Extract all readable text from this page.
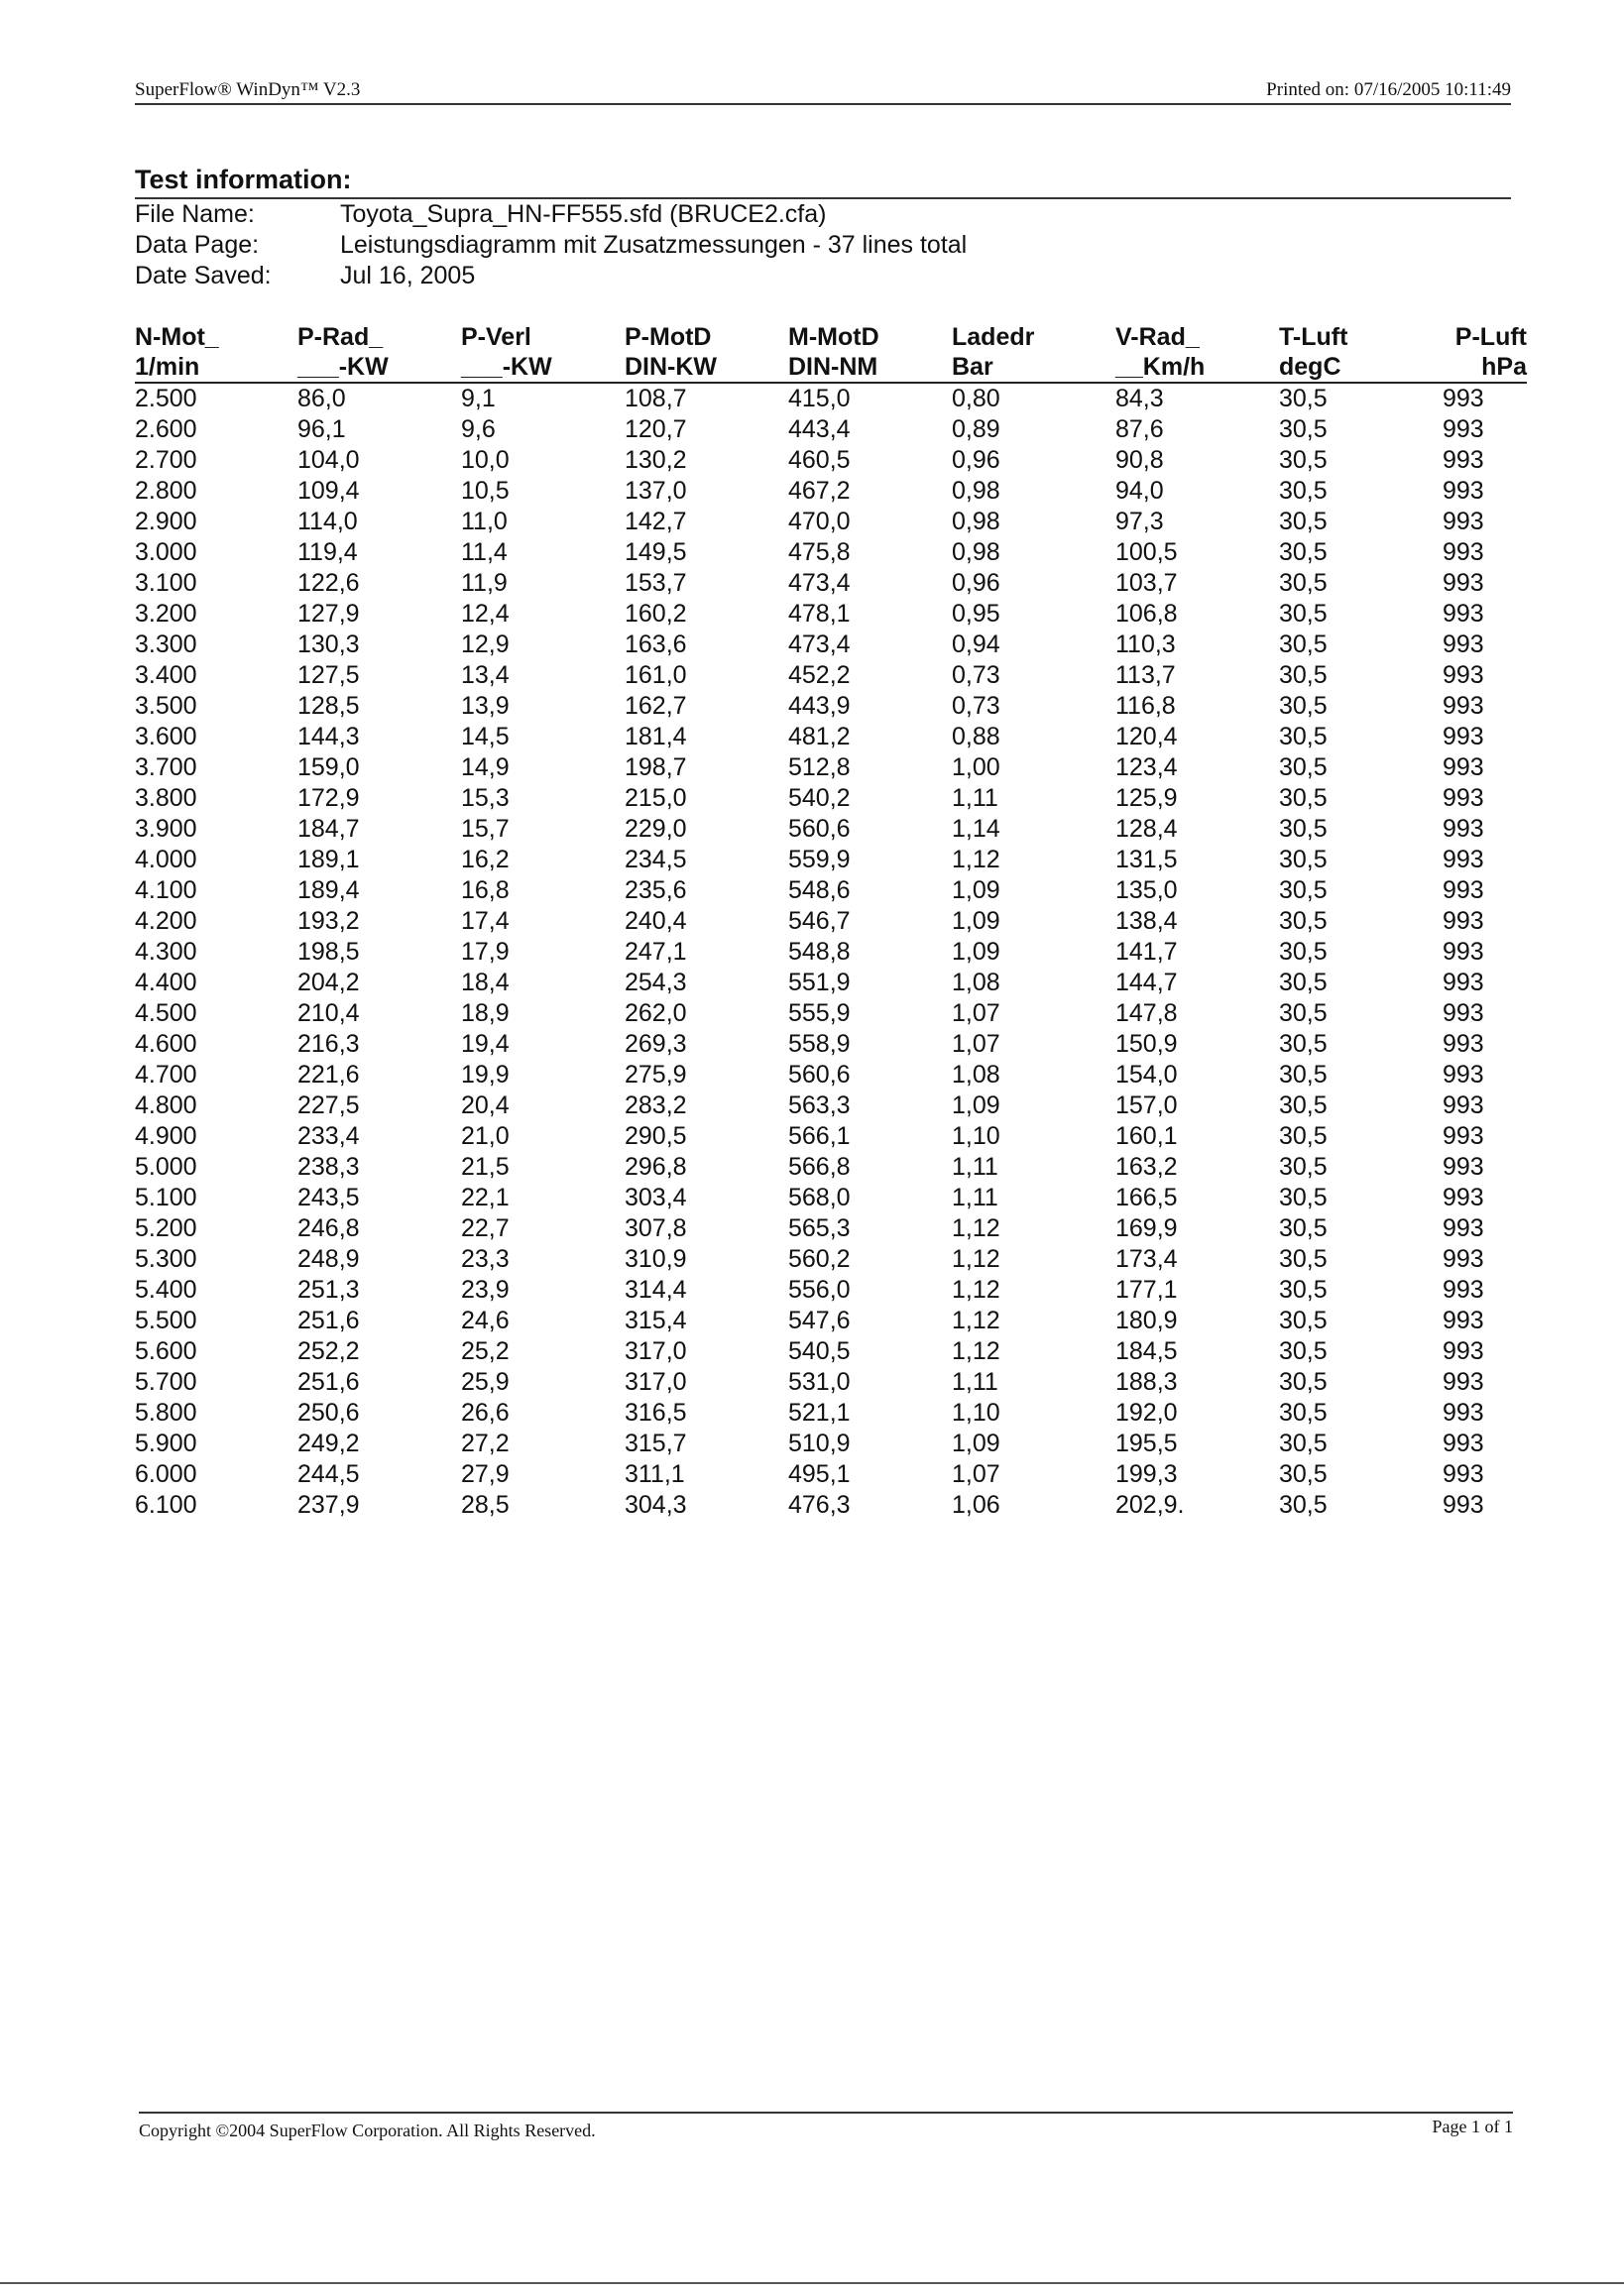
SuperFlow® WinDyn™ V2.3	Printed on: 07/16/2005 10:11:49
Test information:
File Name:	Toyota_Supra_HN-FF555.sfd (BRUCE2.cfa)
Data Page:	Leistungsdiagramm mit Zusatzmessungen - 37 lines total
Date Saved:	Jul 16, 2005
N-Mot_	P-Rad_	P-Verl	P-MotD	M-MotD	Ladedr	V-Rad_	T-Luft	P-Luft
1/min	___-KW	___-KW	DIN-KW	DIN-NM	Bar	__Km/h	degC	hPa
2.500	86,0	9,1	108,7	415,0	0,80	84,3	30,5	993
2.600	96,1	9,6	120,7	443,4	0,89	87,6	30,5	993
2.700	104,0	10,0	130,2	460,5	0,96	90,8	30,5	993
2.800	109,4	10,5	137,0	467,2	0,98	94,0	30,5	993
2.900	114,0	11,0	142,7	470,0	0,98	97,3	30,5	993
3.000	119,4	11,4	149,5	475,8	0,98	100,5	30,5	993
3.100	122,6	11,9	153,7	473,4	0,96	103,7	30,5	993
3.200	127,9	12,4	160,2	478,1	0,95	106,8	30,5	993
3.300	130,3	12,9	163,6	473,4	0,94	110,3	30,5	993
3.400	127,5	13,4	161,0	452,2	0,73	113,7	30,5	993
3.500	128,5	13,9	162,7	443,9	0,73	116,8	30,5	993
3.600	144,3	14,5	181,4	481,2	0,88	120,4	30,5	993
3.700	159,0	14,9	198,7	512,8	1,00	123,4	30,5	993
3.800	172,9	15,3	215,0	540,2	1,11	125,9	30,5	993
3.900	184,7	15,7	229,0	560,6	1,14	128,4	30,5	993
4.000	189,1	16,2	234,5	559,9	1,12	131,5	30,5	993
4.100	189,4	16,8	235,6	548,6	1,09	135,0	30,5	993
4.200	193,2	17,4	240,4	546,7	1,09	138,4	30,5	993
4.300	198,5	17,9	247,1	548,8	1,09	141,7	30,5	993
4.400	204,2	18,4	254,3	551,9	1,08	144,7	30,5	993
4.500	210,4	18,9	262,0	555,9	1,07	147,8	30,5	993
4.600	216,3	19,4	269,3	558,9	1,07	150,9	30,5	993
4.700	221,6	19,9	275,9	560,6	1,08	154,0	30,5	993
4.800	227,5	20,4	283,2	563,3	1,09	157,0	30,5	993
4.900	233,4	21,0	290,5	566,1	1,10	160,1	30,5	993
5.000	238,3	21,5	296,8	566,8	1,11	163,2	30,5	993
5.100	243,5	22,1	303,4	568,0	1,11	166,5	30,5	993
5.200	246,8	22,7	307,8	565,3	1,12	169,9	30,5	993
5.300	248,9	23,3	310,9	560,2	1,12	173,4	30,5	993
5.400	251,3	23,9	314,4	556,0	1,12	177,1	30,5	993
5.500	251,6	24,6	315,4	547,6	1,12	180,9	30,5	993
5.600	252,2	25,2	317,0	540,5	1,12	184,5	30,5	993
5.700	251,6	25,9	317,0	531,0	1,11	188,3	30,5	993
5.800	250,6	26,6	316,5	521,1	1,10	192,0	30,5	993
5.900	249,2	27,2	315,7	510,9	1,09	195,5	30,5	993
6.000	244,5	27,9	311,1	495,1	1,07	199,3	30,5	993
6.100	237,9	28,5	304,3	476,3	1,06	202,9.	30,5	993
Copyright ©2004 SuperFlow Corporation. All Rights Reserved.	Page 1 of 1
